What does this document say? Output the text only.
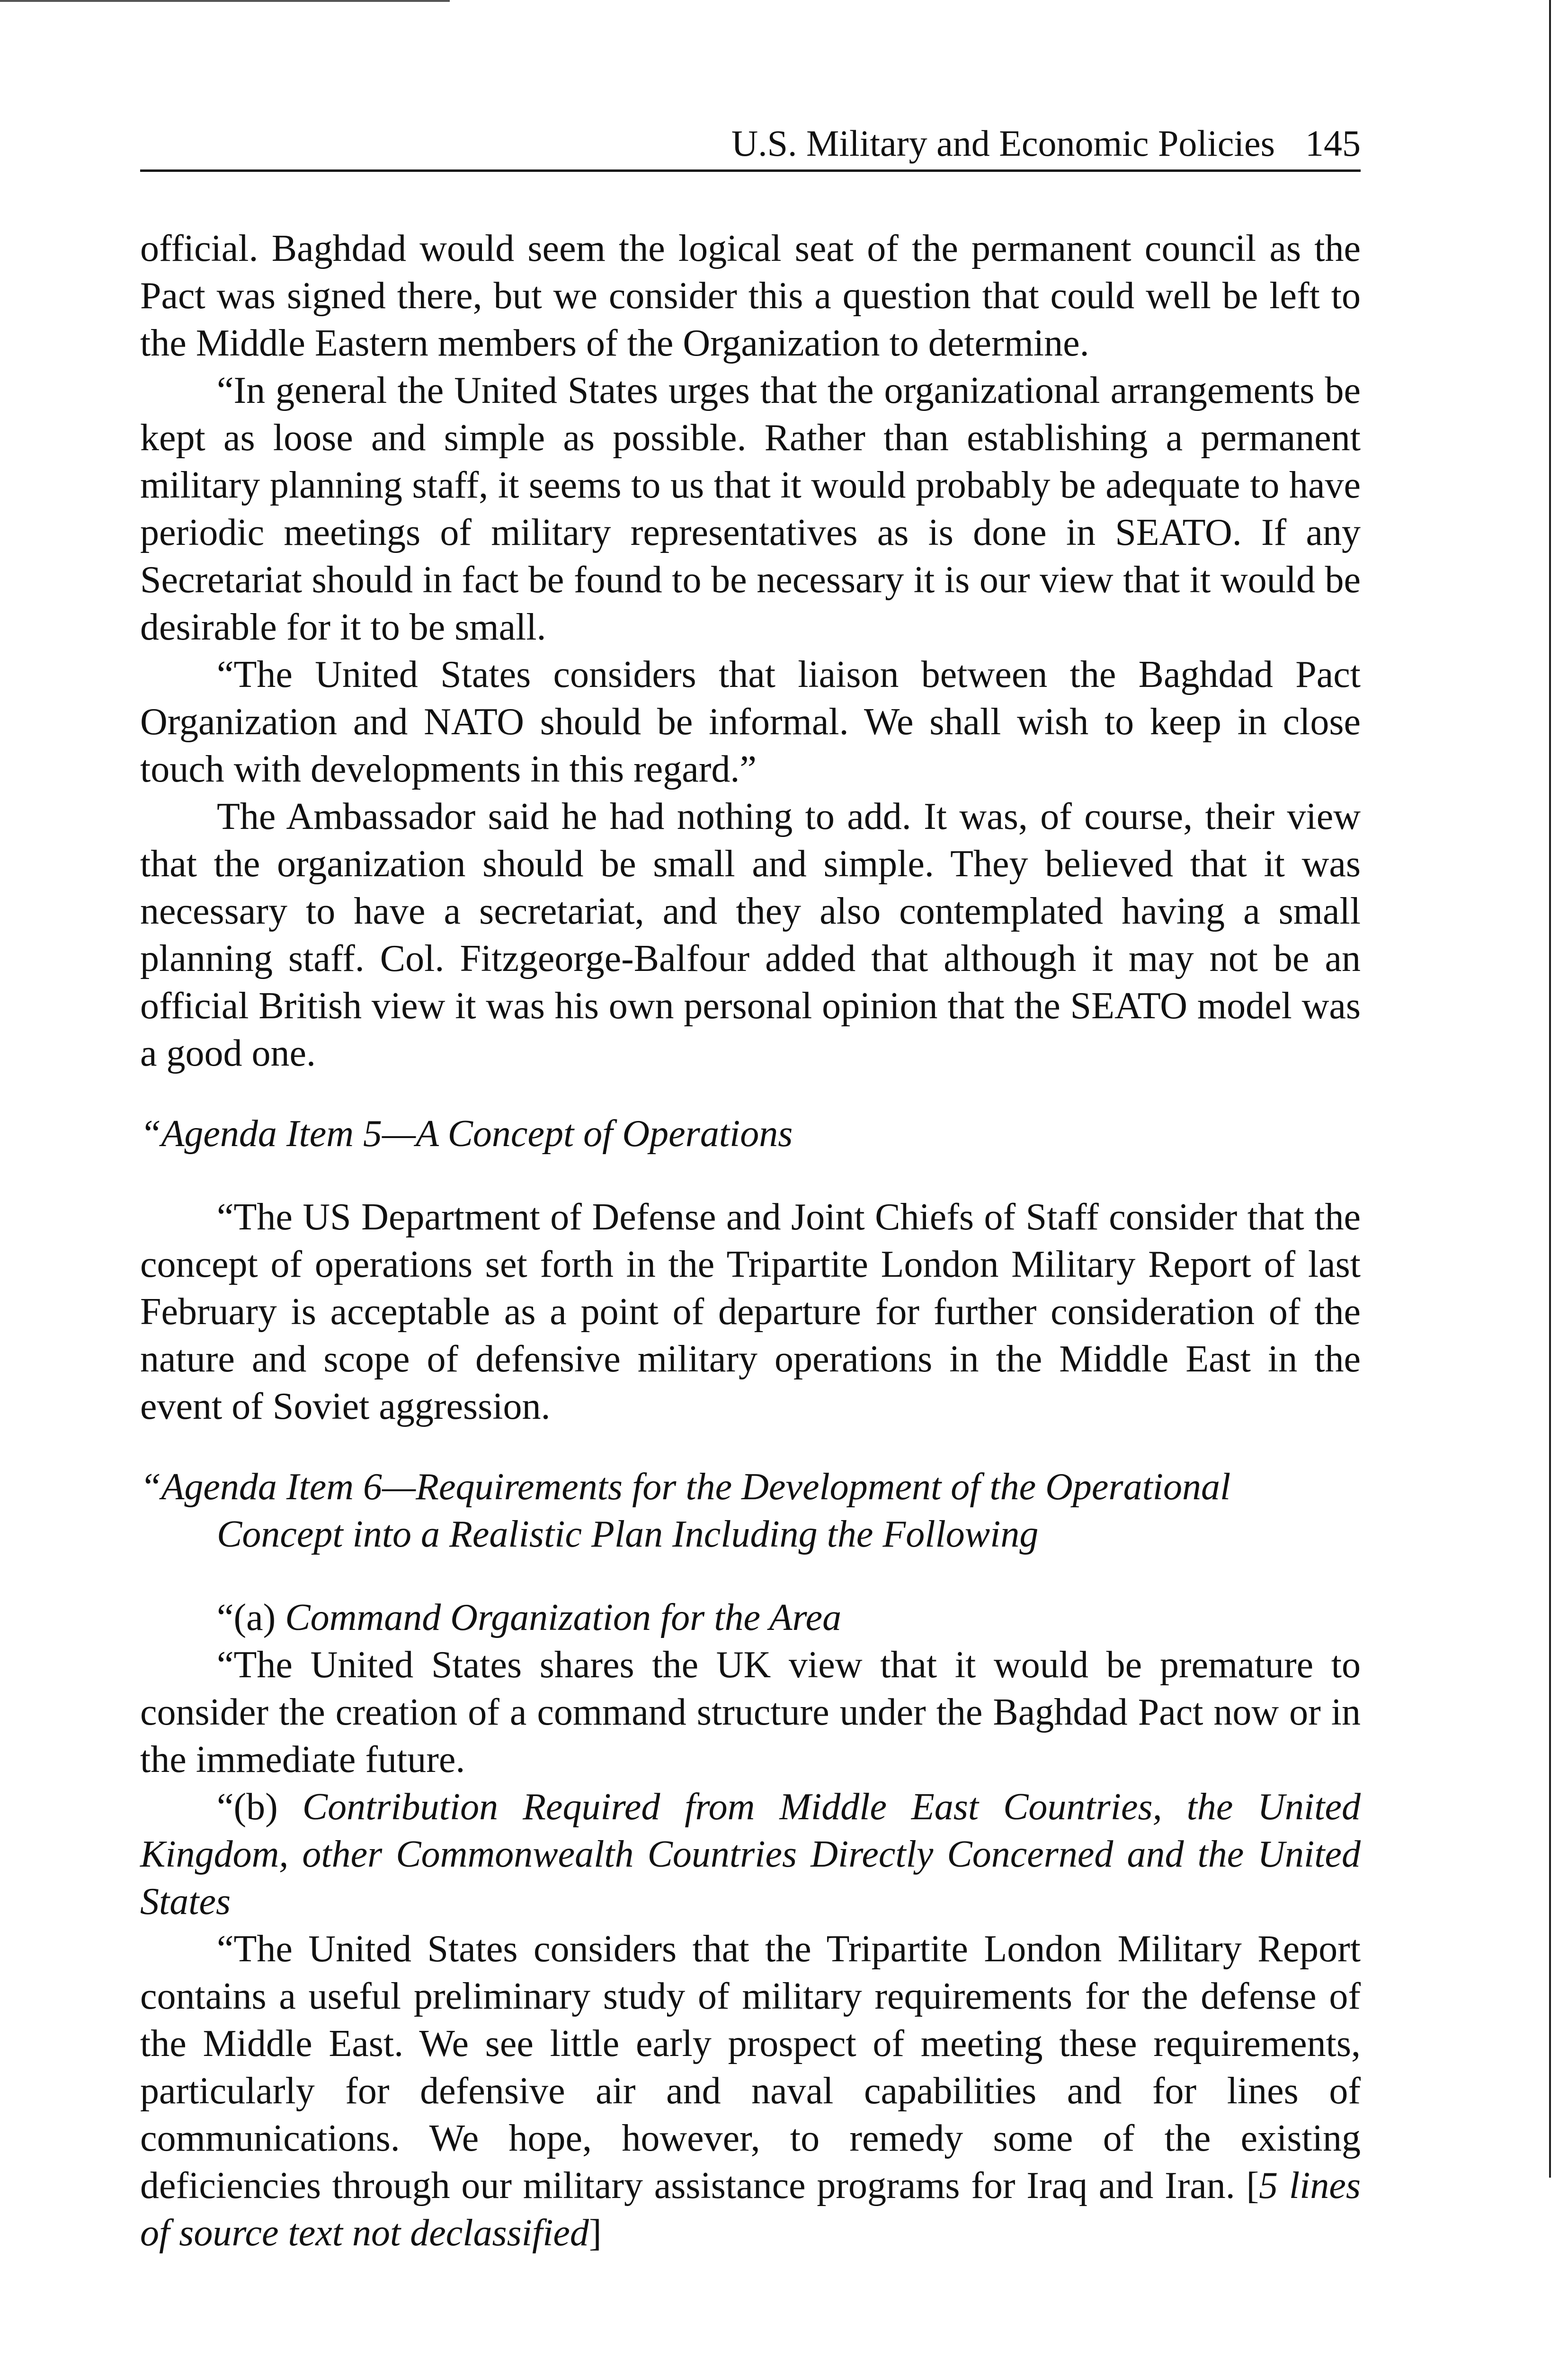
U.S. Military and Economic Policies 145

official. Baghdad would seem the logical seat of the permanent council as the Pact was signed there, but we consider this a question that could well be left to the Middle Eastern members of the Organization to determine.

“In general the United States urges that the organizational arrangements be kept as loose and simple as possible. Rather than establishing a permanent military planning staff, it seems to us that it would probably be adequate to have periodic meetings of military representatives as is done in SEATO. If any Secretariat should in fact be found to be necessary it is our view that it would be desirable for it to be small.

“The United States considers that liaison between the Baghdad Pact Organization and NATO should be informal. We shall wish to keep in close touch with developments in this regard.”

The Ambassador said he had nothing to add. It was, of course, their view that the organization should be small and simple. They believed that it was necessary to have a secretariat, and they also contemplated having a small planning staff. Col. Fitzgeorge-Balfour added that although it may not be an official British view it was his own personal opinion that the SEATO model was a good one.

“Agenda Item 5—A Concept of Operations

“The US Department of Defense and Joint Chiefs of Staff consider that the concept of operations set forth in the Tripartite London Military Report of last February is acceptable as a point of departure for further consideration of the nature and scope of defensive military operations in the Middle East in the event of Soviet aggression.

“Agenda Item 6—Requirements for the Development of the Operational Concept into a Realistic Plan Including the Following

“(a) Command Organization for the Area

“The United States shares the UK view that it would be premature to consider the creation of a command structure under the Baghdad Pact now or in the immediate future.

“(b) Contribution Required from Middle East Countries, the United Kingdom, other Commonwealth Countries Directly Concerned and the United States

“The United States considers that the Tripartite London Military Report contains a useful preliminary study of military requirements for the defense of the Middle East. We see little early prospect of meeting these requirements, particularly for defensive air and naval capabilities and for lines of communications. We hope, however, to remedy some of the existing deficiencies through our military assistance programs for Iraq and Iran. [5 lines of source text not declassified]
